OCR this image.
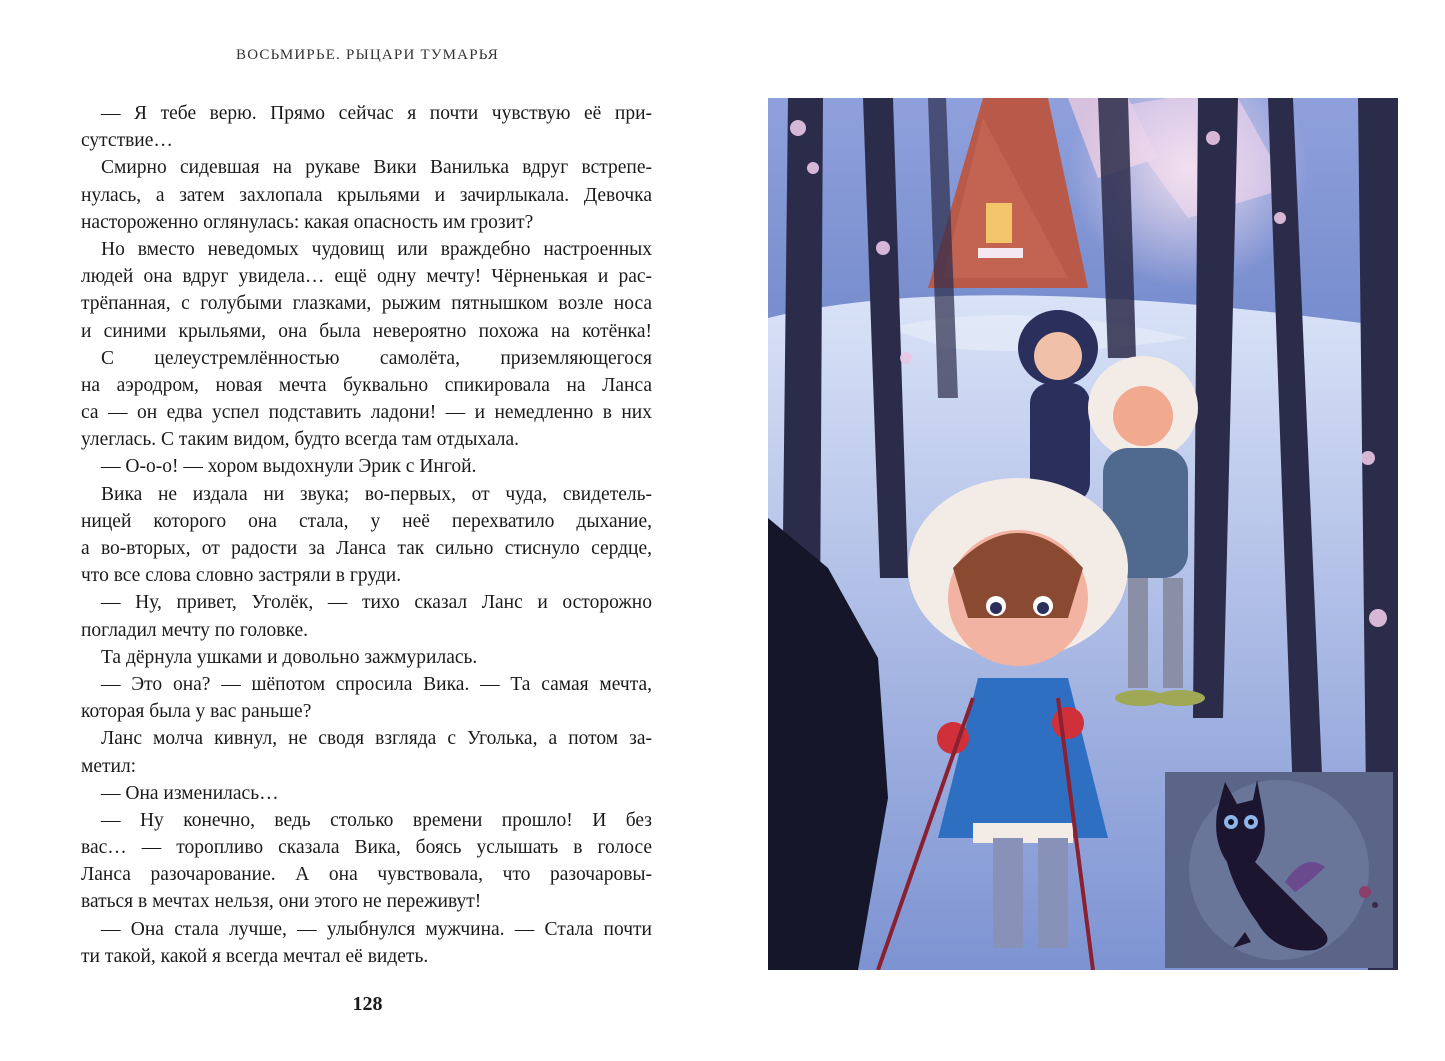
ВОСЬМИРЬЕ. РЫЦАРИ ТУМАРЬЯ
— Я тебе верю. Прямо сейчас я почти чувствую её при-
сутствие…
Смирно сидевшая на рукаве Вики Ванилька вдруг встрепе-
нулась, а затем захлопала крыльями и зачирлыкала. Девочка
настороженно оглянулась: какая опасность им грозит?
Но вместо неведомых чудовищ или враждебно настроенных
людей она вдруг увидела… ещё одну мечту! Чёрненькая и рас-
трёпанная, с голубыми глазками, рыжим пятнышком возле носа
и синими крыльями, она была невероятно похожа на котёнка!
С целеустремлённостью самолёта, приземляющегося
на аэродром, новая мечта буквально спикировала на Ланса
са — он едва успел подставить ладони! — и немедленно в них
улеглась. С таким видом, будто всегда там отдыхала.
— О-о-о! — хором выдохнули Эрик с Ингой.
Вика не издала ни звука; во-первых, от чуда, свидетель-
ницей которого она стала, у неё перехватило дыхание,
а во-вторых, от радости за Ланса так сильно стиснуло сердце,
что все слова словно застряли в груди.
— Ну, привет, Уголёк, — тихо сказал Ланс и осторожно
погладил мечту по головке.
Та дёрнула ушками и довольно зажмурилась.
— Это она? — шёпотом спросила Вика. — Та самая мечта,
которая была у вас раньше?
Ланс молча кивнул, не сводя взгляда с Уголька, а потом за-
метил:
— Она изменилась…
— Ну конечно, ведь столько времени прошло! И без
вас… — торопливо сказала Вика, боясь услышать в голосе
Ланса разочарование. А она чувствовала, что разочаровы-
ваться в мечтах нельзя, они этого не переживут!
— Она стала лучше, — улыбнулся мужчина. — Стала почти
ти такой, какой я всегда мечтал её видеть.
128
